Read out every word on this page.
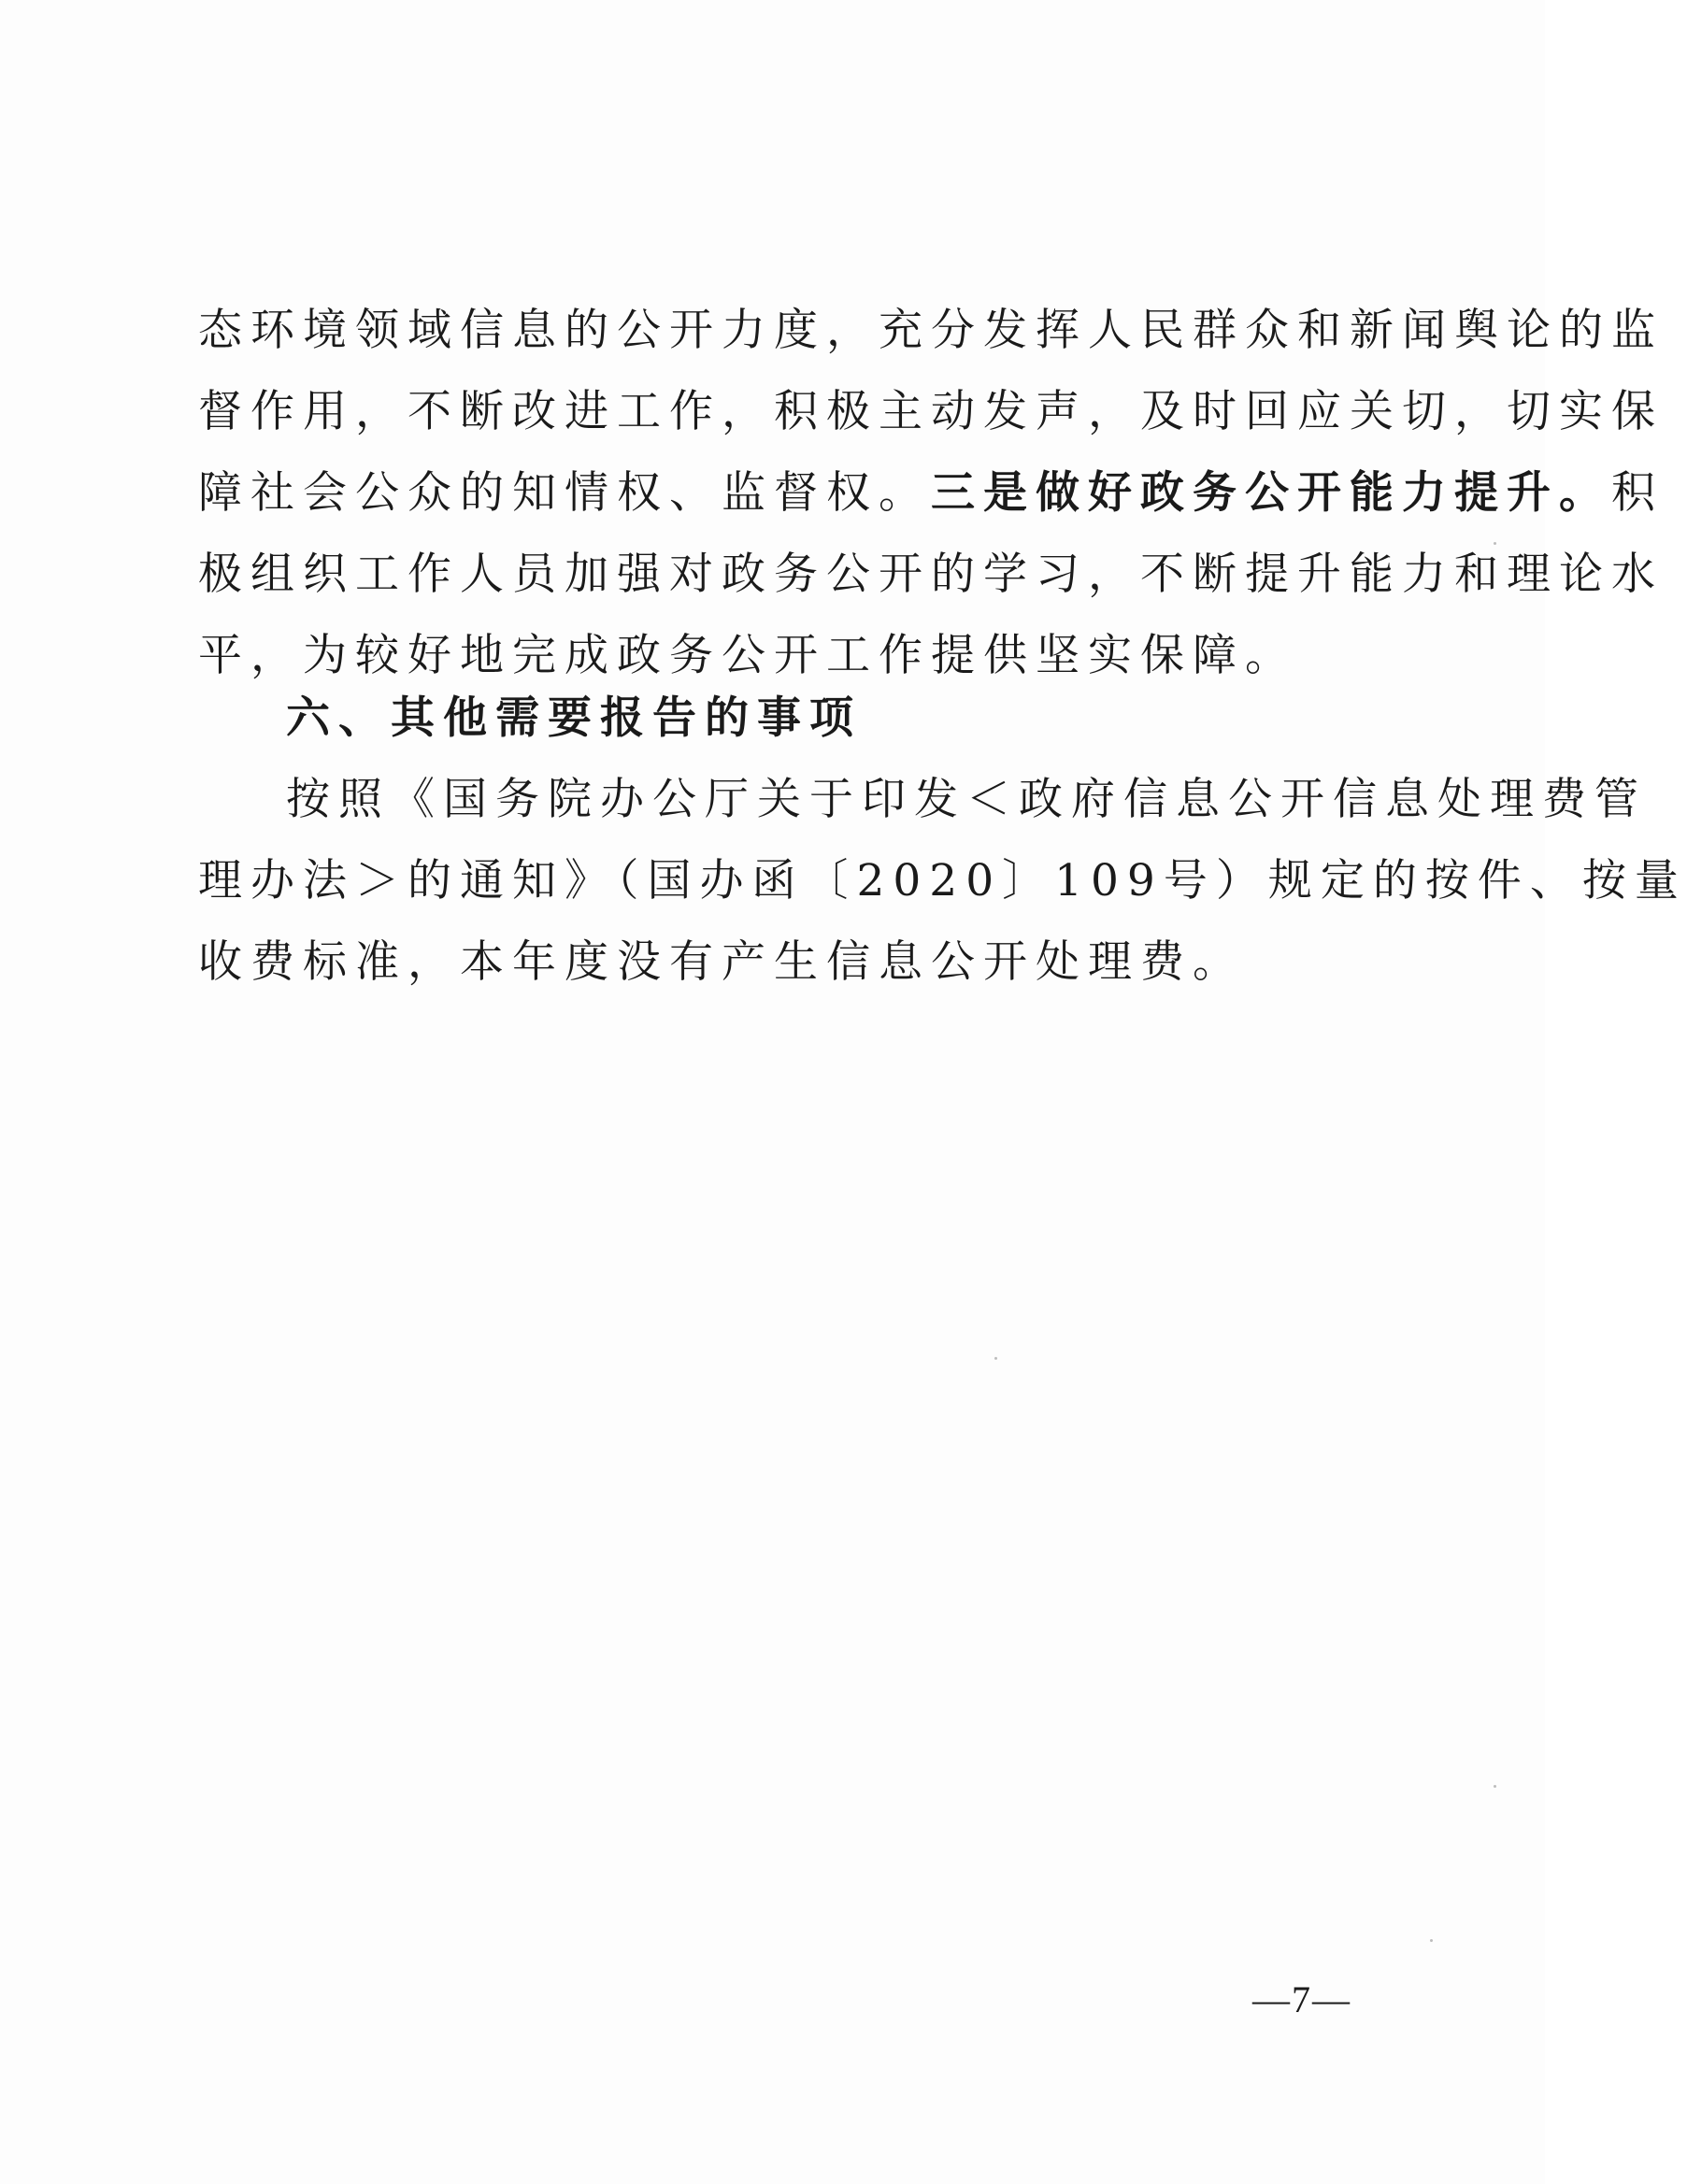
态环境领域信息的公开力度，充分发挥人民群众和新闻舆论的监
督作用，不断改进工作，积极主动发声，及时回应关切，切实保
障社会公众的知情权、监督权。三是做好政务公开能力提升。积
极组织工作人员加强对政务公开的学习，不断提升能力和理论水
平，为较好地完成政务公开工作提供坚实保障。
六、其他需要报告的事项
按照《国务院办公厅关于印发＜政府信息公开信息处理费管
理办法＞的通知》（国办函〔2020〕109号）规定的按件、按量
收费标准，本年度没有产生信息公开处理费。
—7—
